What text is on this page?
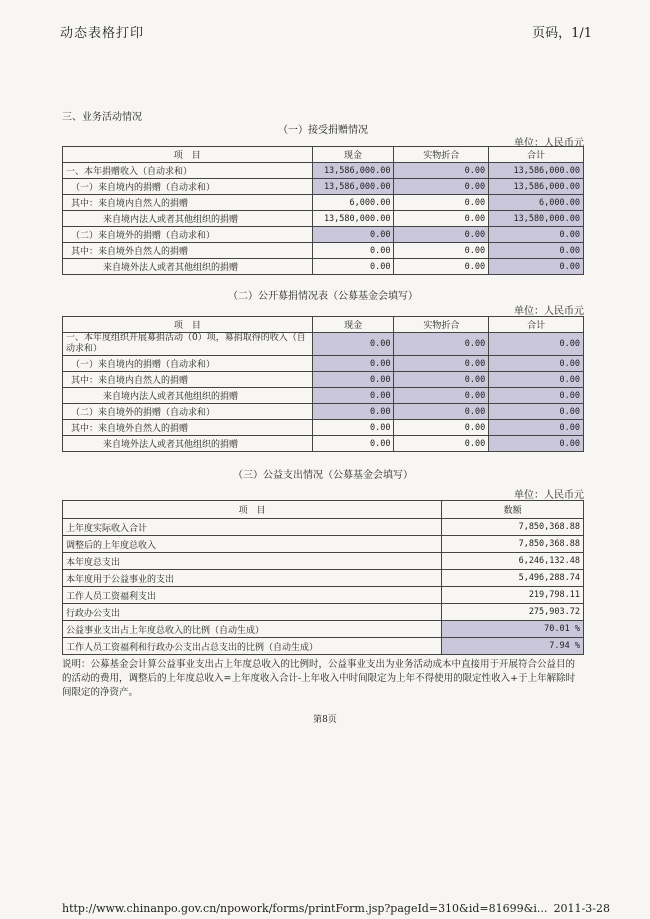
动态表格打印	页码，1/1
三、业务活动情况
（一）接受捐赠情况
单位：人民币元
项　目	现金	实物折合	合计
一、本年捐赠收入（自动求和）	13,586,000.00	0.00	13,586,000.00
（一）来自境内的捐赠（自动求和）	13,586,000.00	0.00	13,586,000.00
其中：来自境内自然人的捐赠	6,000.00	0.00	6,000.00
来自境内法人或者其他组织的捐赠	13,580,000.00	0.00	13,580,000.00
（二）来自境外的捐赠（自动求和）	0.00	0.00	0.00
其中：来自境外自然人的捐赠	0.00	0.00	0.00
来自境外法人或者其他组织的捐赠	0.00	0.00	0.00
（二）公开募捐情况表（公募基金会填写）
单位：人民币元
项　目	现金	实物折合	合计
一、本年度组织开展募捐活动（0）项，募捐取得的收入（自动求和）	0.00	0.00	0.00
（一）来自境内的捐赠（自动求和）	0.00	0.00	0.00
其中：来自境内自然人的捐赠	0.00	0.00	0.00
来自境内法人或者其他组织的捐赠	0.00	0.00	0.00
（二）来自境外的捐赠（自动求和）	0.00	0.00	0.00
其中：来自境外自然人的捐赠	0.00	0.00	0.00
来自境外法人或者其他组织的捐赠	0.00	0.00	0.00
（三）公益支出情况（公募基金会填写）
单位：人民币元
项　目	数额
上年度实际收入合计	7,850,368.88
调整后的上年度总收入	7,850,368.88
本年度总支出	6,246,132.48
本年度用于公益事业的支出	5,496,288.74
工作人员工资福利支出	219,798.11
行政办公支出	275,903.72
公益事业支出占上年度总收入的比例（自动生成）	70.01 %
工作人员工资福利和行政办公支出占总支出的比例（自动生成）	7.94 %
说明：公募基金会计算公益事业支出占上年度总收入的比例时，公益事业支出为业务活动成本中直接用于开展符合公益目的的活动的费用，调整后的上年度总收入=上年度收入合计-上年收入中时间限定为上年不得使用的限定性收入+于上年解除时间限定的净资产。
第8页
http://www.chinanpo.gov.cn/npowork/forms/printForm.jsp?pageId=310&id=81699&i... 2011-3-28
